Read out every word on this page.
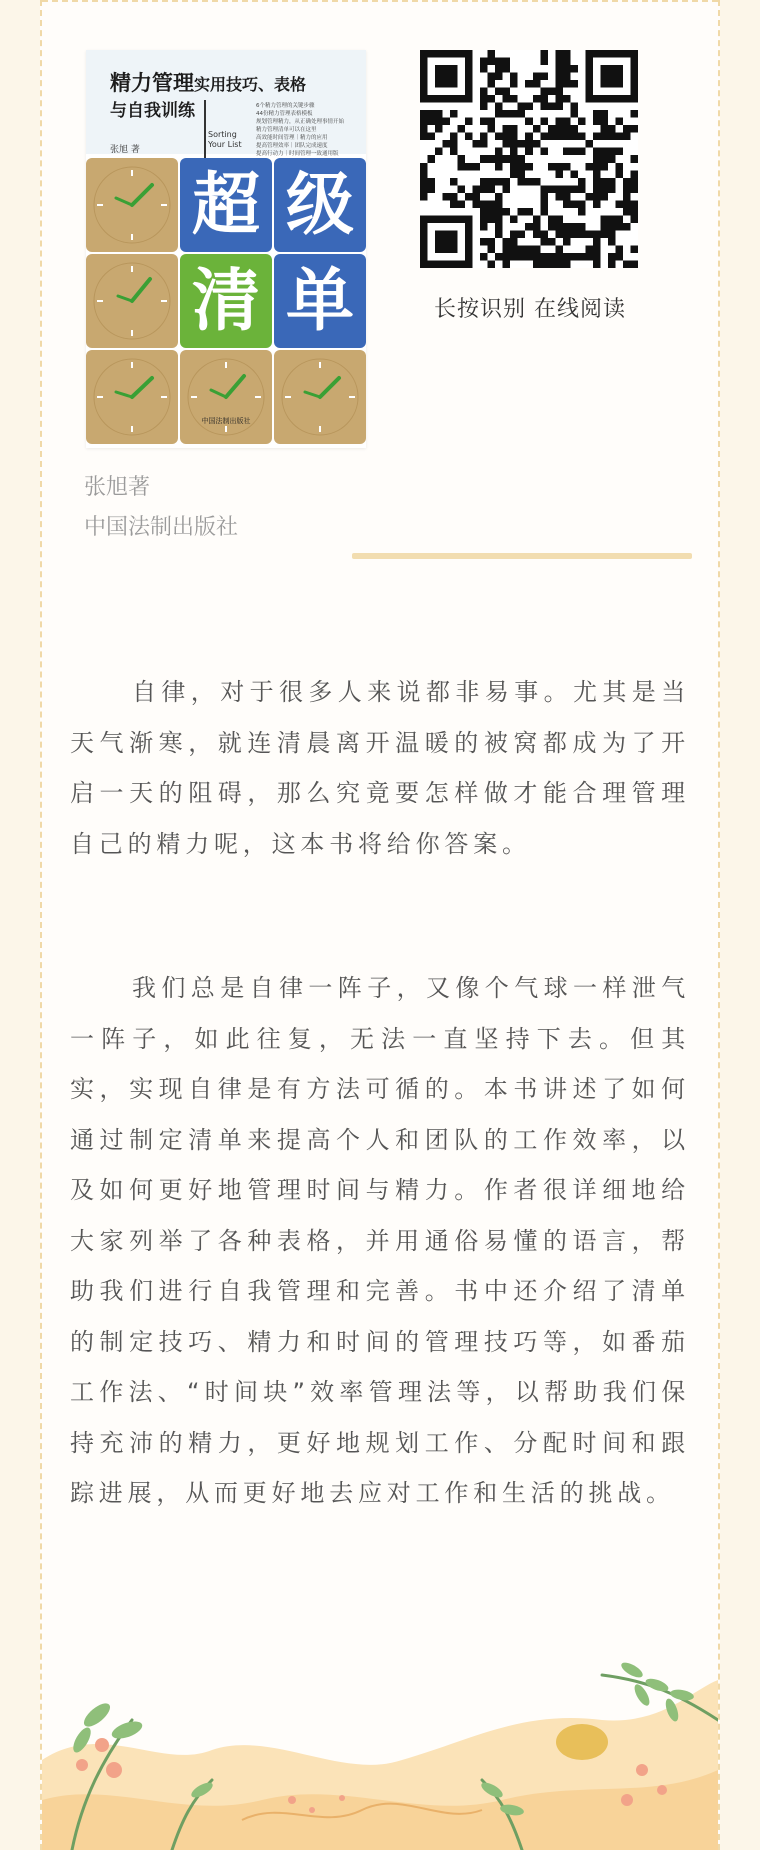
精力管理实用技巧、表格
与自我训练
张旭 著
Sorting
Your List
6个精力管理的关键步骤
44份精力管理表格模板
规划管理精力，从正确处理事情开始
精力管理清单可以在这里
高效能时间管理｜精力的应用
提高管理效率｜团队完成速度
提高行动力｜时间管理一致通用版
超 级
清 单
中国法制出版社
长按识别 在线阅读
张旭著
中国法制出版社

自律，对于很多人来说都非易事。尤其是当天气渐寒，就连清晨离开温暖的被窝都成为了开启一天的阻碍，那么究竟要怎样做才能合理管理自己的精力呢，这本书将给你答案。

我们总是自律一阵子，又像个气球一样泄气一阵子，如此往复，无法一直坚持下去。但其实，实现自律是有方法可循的。本书讲述了如何通过制定清单来提高个人和团队的工作效率，以及如何更好地管理时间与精力。作者很详细地给大家列举了各种表格，并用通俗易懂的语言，帮助我们进行自我管理和完善。书中还介绍了清单的制定技巧、精力和时间的管理技巧等，如番茄工作法、“时间块”效率管理法等，以帮助我们保持充沛的精力，更好地规划工作、分配时间和跟踪进展，从而更好地去应对工作和生活的挑战。
